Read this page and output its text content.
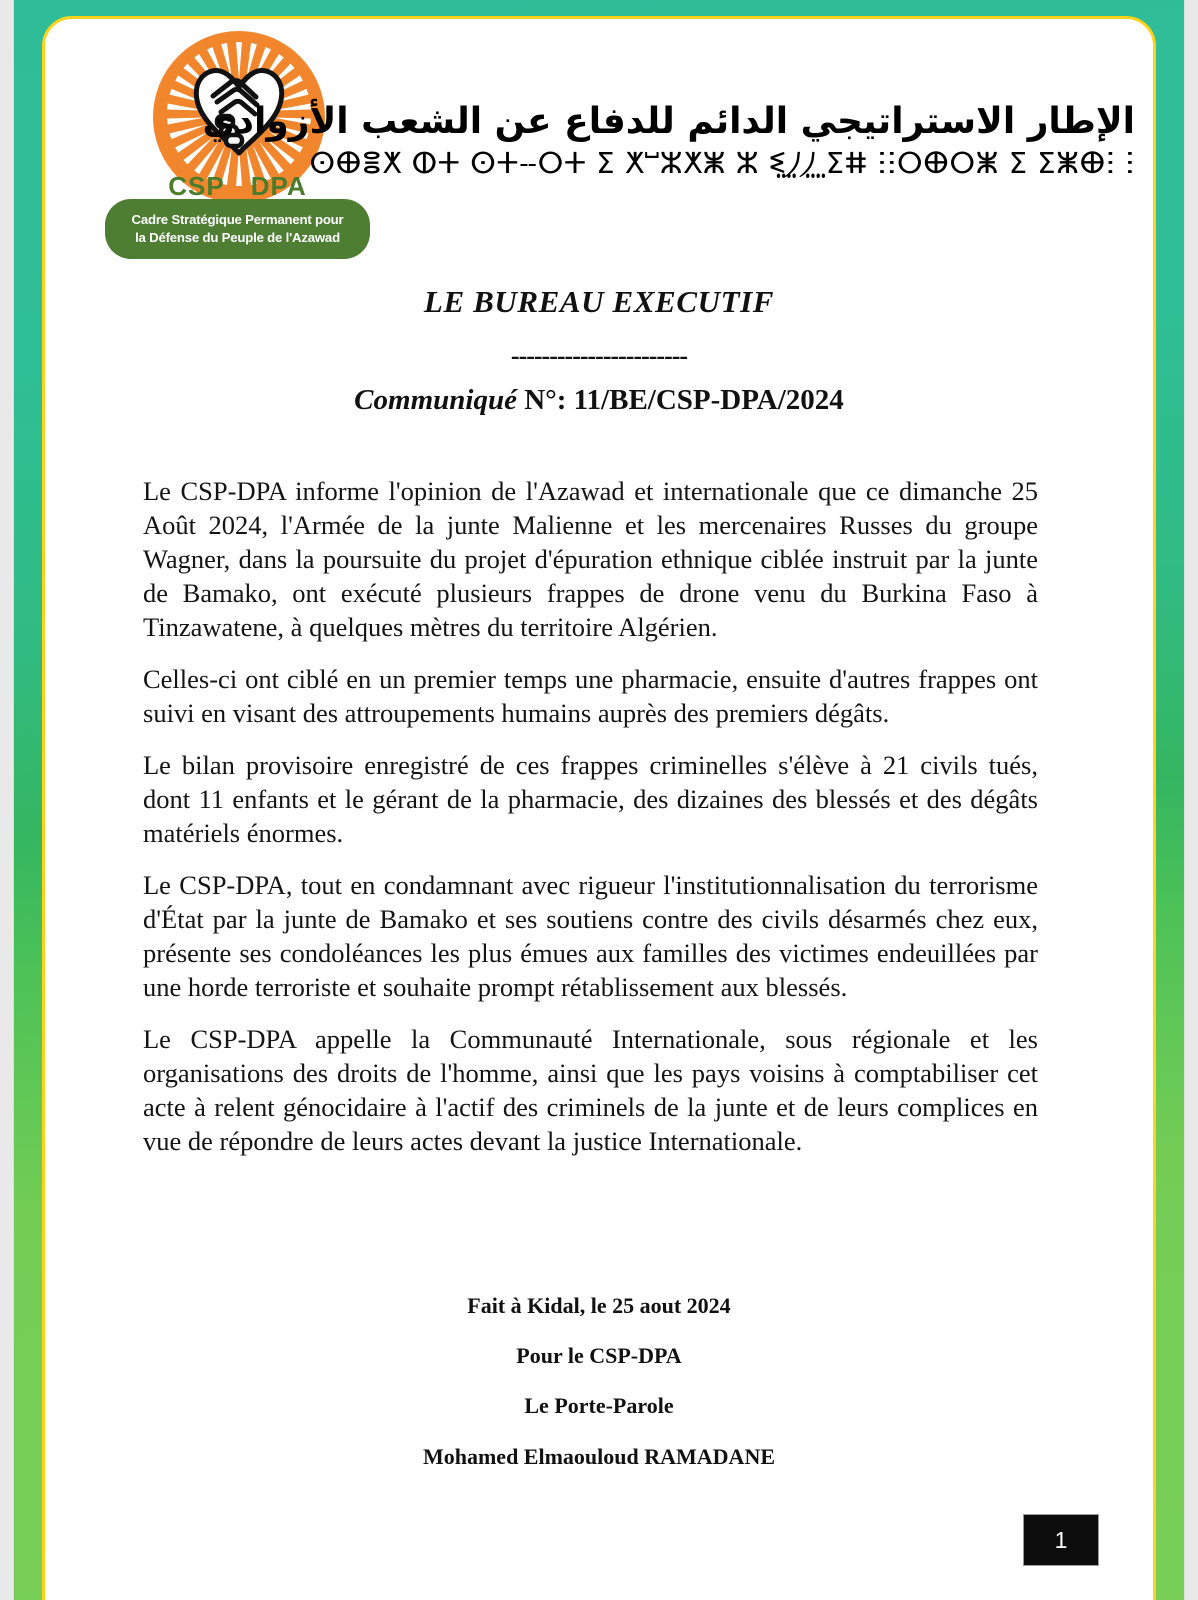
CSP DPA
Cadre Stratégique Permanent pour
la Défense du Peuple de l'Azawad
الإطار الاستراتيجي الدائم للدفاع عن الشعب الأزوادي
ⵙⴲⴻⵅ ⵀⵜ ⵙⵜⵧⵔⵜ ⵉ ⵅⵯⵣⵅⵥ ⵣ ⵉ⵿⵰⵰⵿ ⵉⵌ ⵗⵗⵔⴲⵔⵥ ⵉ ⵉⵥⴲⵗ ⵗ
LE BUREAU EXECUTIF
-----------------------
Communiqué N°: 11/BE/CSP-DPA/2024

Le CSP-DPA informe l'opinion de l'Azawad et internationale que ce dimanche 25 Août 2024, l'Armée de la junte Malienne et les mercenaires Russes du groupe Wagner, dans la poursuite du projet d'épuration ethnique ciblée instruit par la junte de Bamako, ont exécuté plusieurs frappes de drone venu du Burkina Faso à Tinzawatene, à quelques mètres du territoire Algérien.

Celles-ci ont ciblé en un premier temps une pharmacie, ensuite d'autres frappes ont suivi en visant des attroupements humains auprès des premiers dégâts.

Le bilan provisoire enregistré de ces frappes criminelles s'élève à 21 civils tués, dont 11 enfants et le gérant de la pharmacie, des dizaines des blessés et des dégâts matériels énormes.

Le CSP-DPA, tout en condamnant avec rigueur l'institutionnalisation du terrorisme d'État par la junte de Bamako et ses soutiens contre des civils désarmés chez eux, présente ses condoléances les plus émues aux familles des victimes endeuillées par une horde terroriste et souhaite prompt rétablissement aux blessés.

Le CSP-DPA appelle la Communauté Internationale, sous régionale et les organisations des droits de l'homme, ainsi que les pays voisins à comptabiliser cet acte à relent génocidaire à l'actif des criminels de la junte et de leurs complices en vue de répondre de leurs actes devant la justice Internationale.

Fait à Kidal, le 25 aout 2024
Pour le CSP-DPA
Le Porte-Parole
Mohamed Elmaouloud RAMADANE
1
